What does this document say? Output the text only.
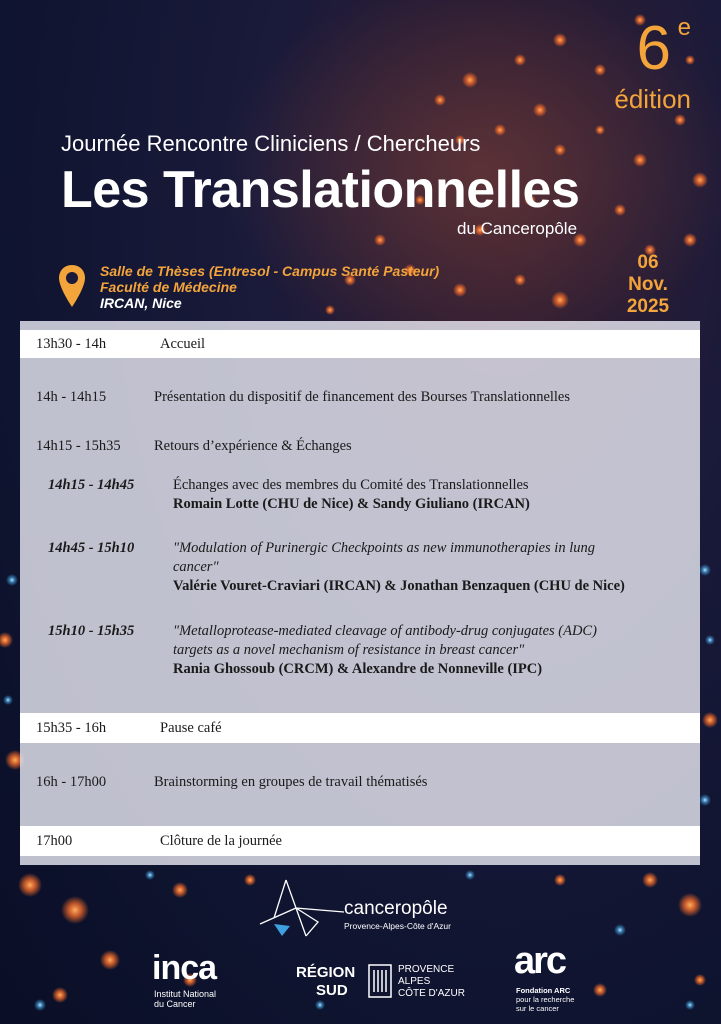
6 e
édition
Journée Rencontre Cliniciens / Chercheurs
Les Translationnelles
du Canceropôle
Salle de Thèses (Entresol - Campus Santé Pasteur)
Faculté de Médecine
IRCAN, Nice
06
Nov.
2025
13h30 - 14h	Accueil
14h - 14h15	Présentation du dispositif de financement des Bourses Translationnelles
14h15 - 15h35 Retours d’expérience & Échanges
14h15 - 14h45	Échanges avec des membres du Comité des Translationnelles
Romain Lotte (CHU de Nice) & Sandy Giuliano (IRCAN)
14h45 - 15h10	"Modulation of Purinergic Checkpoints as new immunotherapies in lung
cancer"
Valérie Vouret-Craviari (IRCAN) & Jonathan Benzaquen (CHU de Nice)
15h10 - 15h35	"Metalloprotease-mediated cleavage of antibody-drug conjugates (ADC)
targets as a novel mechanism of resistance in breast cancer"
Rania Ghossoub (CRCM) & Alexandre de Nonneville (IPC)
15h35 - 16h	Pause café
16h - 17h00	Brainstorming en groupes de travail thématisés
17h00	Clôture de la journée
canceropôle
Provence-Alpes-Côte d'Azur
inca
Institut National
du Cancer
RÉGION
SUD
PROVENCE
ALPES
CÔTE D'AZUR
arc
Fondation ARC
pour la recherche
sur le cancer
